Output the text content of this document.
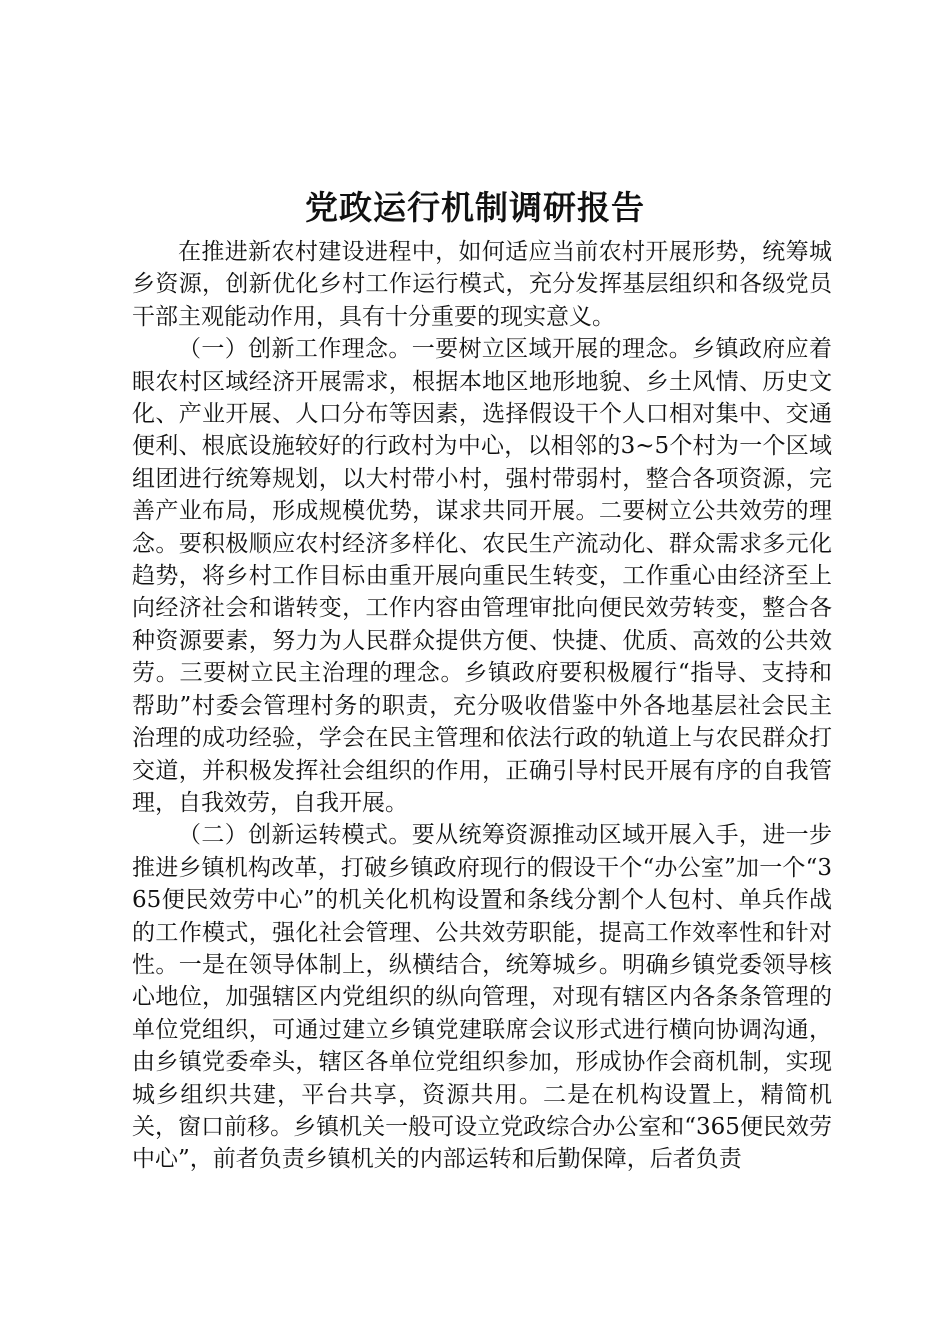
党政运行机制调研报告

在推进新农村建设进程中，如何适应当前农村开展形势，统筹城乡资源，创新优化乡村工作运行模式，充分发挥基层组织和各级党员干部主观能动作用，具有十分重要的现实意义。

（一）创新工作理念。一要树立区域开展的理念。乡镇政府应着眼农村区域经济开展需求，根据本地区地形地貌、乡土风情、历史文化、产业开展、人口分布等因素，选择假设干个人口相对集中、交通便利、根底设施较好的行政村为中心，以相邻的3~5个村为一个区域组团进行统筹规划，以大村带小村，强村带弱村，整合各项资源，完善产业布局，形成规模优势，谋求共同开展。二要树立公共效劳的理念。要积极顺应农村经济多样化、农民生产流动化、群众需求多元化趋势，将乡村工作目标由重开展向重民生转变，工作重心由经济至上向经济社会和谐转变，工作内容由管理审批向便民效劳转变，整合各种资源要素，努力为人民群众提供方便、快捷、优质、高效的公共效劳。三要树立民主治理的理念。乡镇政府要积极履行“指导、支持和帮助”村委会管理村务的职责，充分吸收借鉴中外各地基层社会民主治理的成功经验，学会在民主管理和依法行政的轨道上与农民群众打交道，并积极发挥社会组织的作用，正确引导村民开展有序的自我管理，自我效劳，自我开展。

（二）创新运转模式。要从统筹资源推动区域开展入手，进一步推进乡镇机构改革，打破乡镇政府现行的假设干个“办公室”加一个“365便民效劳中心”的机关化机构设置和条线分割个人包村、单兵作战的工作模式，强化社会管理、公共效劳职能，提高工作效率性和针对性。一是在领导体制上，纵横结合，统筹城乡。明确乡镇党委领导核心地位，加强辖区内党组织的纵向管理，对现有辖区内各条条管理的单位党组织，可通过建立乡镇党建联席会议形式进行横向协调沟通，由乡镇党委牵头，辖区各单位党组织参加，形成协作会商机制，实现城乡组织共建，平台共享，资源共用。二是在机构设置上，精简机关，窗口前移。乡镇机关一般可设立党政综合办公室和“365便民效劳中心”，前者负责乡镇机关的内部运转和后勤保障，后者负责
